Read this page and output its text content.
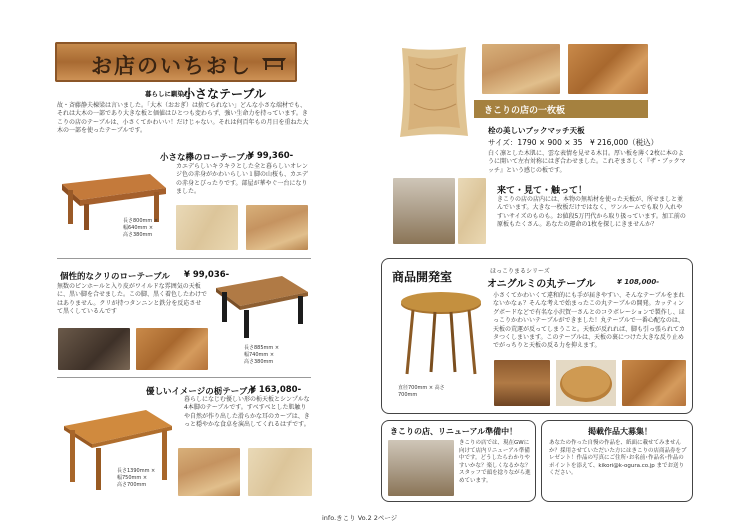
お店のいちおし
暮らしに馴染む
小さなテーブル
故・斉藤静夫棟梁は言いました。「大木（おおぎ）は捨てられない」どんな小さな端材でも、それは大木の一部であり大きな板と価値はひとつも変わらず、強い生命力を持っています。きこりの店のテーブルは、小さくてかわいい！だけじゃない。それは何百年もの月日を重ねた大木の一部を使ったテーブルです。
小さな欅のローテーブル
¥ 99,360-
カエデらしいキラキラとした全と暮らしいオレンジ色の赤身がかわいらしい１脚の山桜も、カエデの赤身とびったりです。部屋が華やぐ一台になりました。
長さ800mm ×
幅640mm ×
高さ380mm
個性的なクリのローテーブル ¥ 99,036-
無数のピンホールと入り皮がワイルドな雰囲気の天板に、黒い脚を合せました。この脚、黒く着色したわけではありません。クリが持つタンニンと鉄分を反応させて黒くしているんです
長さ885mm ×
幅740mm ×
高さ380mm
優しいイメージの栃テーブル
¥ 163,080-
暮らしになじむ優しい形の栃天板とシンプルな4本脚のテーブルです。すべすべとした肌触りや自然が作り出した滑らかな耳のカーブは、きっと穏やかな食卓を演出してくれるはずです。
長さ1390mm ×
幅750mm ×
高さ700mm
きこりの店の一枚板
栓の美しいブックマッチ天板
サイズ：1790 × 900 × 35　¥ 216,000（税込）
白く凛とした木肌に、雲な表情を見せる木目。厚い板を薄く2枚に本のように開いて左右対称にはぎ合わせました。これぞまさしく『ザ・ブックマッチ』という感じの板です。
来て・見て・触って！
きこりの店の店内には、本物の無垢材を使った天板が、所せましと並んでいます。大きな一枚板だけではなく、ワンルームでも取り入れやすいサイズのものも。お値段5万円代から取り扱っています。加工前の原板もたくさん。あなたの運命の1枚を探しにきませんか？
商品開発室	ほっこりまるシリーズ
オニグルミの丸テーブル	¥ 108,000-
小さくてかわいくて違和的にも手が届きやすい、そんなテーブルをまれないかなぁ？そんな考えで始まったこの丸テーブルの開発。カッティングボードなどで有名な小沢賀一さんとのコラボレーションで製作し、ほっこりかわいいテーブルができました！丸テーブルで一番心配なのは、天板の荒運が反ってしまうこと。天板が反れれば、脚も引っ張られてカタつくしまいます。このテーブルは、天板の裏につけた大きな反り止めでがっちりと天板の反る力を抑えます。
直径700mm × 高さ
700mm
きこりの店、リニューアル準備中！
きこりの店では、現在GWに向けて店内リニューアル準備中です。どうしたらわかりやすいかな？楽しくなるかな？スタッフで頭を捻りながら進めています。
掲載作品大募集！
あなたの作った自慢の作品を、紙面に載せてみませんか？採用させていただいた方にはきこりの店商品券をプレゼント！作品の写真にご住所･お名前･作品名･作品のポイントを添えて、kikori@k-ogura.co.jp までお送りください。
info.きこり Vo.2 2ページ
